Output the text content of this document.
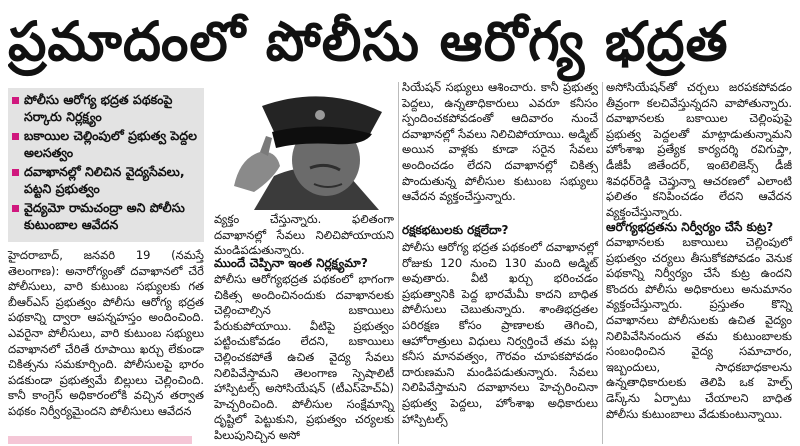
ప్రమాదంలో పోలీసు ఆరోగ్య భద్రత
పోలీసు ఆరోగ్య భద్రత పథకంపై సర్కారు నిర్లక్ష్యం
బకాయిల చెల్లింపులో ప్రభుత్వ పెద్దల అలసత్వం
దవాఖానల్లో నిలిచిన వైద్యసేవలు, పట్టని ప్రభుత్వం
వైద్యమో రామచంద్రా అని పోలీసు కుటుంబాల ఆవేదన

హైదరాబాద్, జనవరి 19 (నమస్తే తెలంగాణ): అనారోగ్యంతో దవాఖానలో చేరే పోలీసులు, వారి కుటుంబ సభ్యులకు గత బీఆర్ఎస్ ప్రభుత్వం పోలీసు ఆరోగ్య భద్రత పథకాన్ని ద్వారా ఆపన్నహస్తం అందించింది. ఎవరైనా పోలీసులు, వారి కుటుంబ సభ్యులు దవాఖానలో చేరితే రూపాయి ఖర్చు లేకుండా చికిత్సను సమకూర్చింది. పోలీసులపై భారం పడకుండా ప్రభుత్వమే బిల్లులు చెల్లించింది. కానీ కాంగ్రెస్ అధికారంలోకి వచ్చిన తర్వాత పథకం నిర్వీర్యమైందని పోలీసులు ఆవేదన

వ్యక్తం చేస్తున్నారు. ఫలితంగా దవాఖానల్లో సేవలు నిలిచిపోయాయని మండిపడుతున్నారు.

ముందే చెప్పినా ఇంత నిర్లక్ష్యమా?

పోలీసు ఆరోగ్యభద్రత పథకంలో భాగంగా చికిత్స అందించినందుకు దవాఖానలకు చెల్లించాల్సిన బకాయిలు పేరుకుపోయాయి. వీటిపై ప్రభుత్వం పట్టించుకోవడం లేదని, బకాయిలు చెల్లించకపోతే ఉచిత వైద్య సేవలు నిలిపివేస్తామని తెలంగాణ స్పెషాలిటీ హాస్పిటల్స్ అసోసియేషన్ (టీఎస్‌హెచ్ఏ) హెచ్చరించింది. పోలీసుల సంక్షేమాన్ని దృష్టిలో పెట్టుకుని, ప్రభుత్వం చర్యలకు పిలుపునిచ్చిన అసో

సియేషన్ సభ్యులు ఆశించారు. కానీ ప్రభుత్వ పెద్దలు, ఉన్నతాధికారులు ఎవరూ కనీసం స్పందించకపోవడంతో ఆదివారం నుంచే దవాఖానల్లో సేవలు నిలిచిపోయాయి. అడ్మిట్ అయిన వాళ్లకు కూడా సరైన సేవలు అందించడం లేదని దవాఖానల్లో చికిత్స పొందుతున్న పోలీసుల కుటుంబ సభ్యులు ఆవేదన వ్యక్తంచేస్తున్నారు.

రక్షకభటులకు రక్షలేదా?

పోలీసు ఆరోగ్య భద్రత పథకంలో దవాఖానల్లో రోజుకు 120 నుంచి 130 మంది అడ్మిట్ అవుతారు. వీటి ఖర్చు భరించడం ప్రభుత్వానికి పెద్ద భారమేమీ కాదని బాధిత పోలీసులు చెబుతున్నారు. శాంతిభద్రతల పరిరక్షణ కోసం ప్రాణాలకు తెగించి, ఆహోరాత్రులు విధులు నిర్వర్తించే తమ పట్ల కనీస మానవత్వం, గౌరవం చూపకపోవడం దారుణమని మండిపడుతున్నారు. సేవలు నిలిపివేస్తామని దవాఖానలు హెచ్చరించినా ప్రభుత్వ పెద్దలు, హోంశాఖ అధికారులు హాస్పిటల్స్

అసోసియేషన్‌తో చర్చలు జరపకపోవడం తీవ్రంగా కలచివేస్తున్నదని వాపోతున్నారు. దవాఖానలకు బకాయిల చెల్లింపుపై ప్రభుత్వ పెద్దలతో మాట్లాడుతున్నామని హోంశాఖ ప్రత్యేక కార్యదర్శి రవిగుప్తా, డీజీపీ జితేందర్, ఇంటెలిజెన్స్ డీజీ శివధర్‌రెడ్డి చెప్తున్నా ఆచరణలో ఎలాంటి ఫలితం కనిపించడం లేదని ఆవేదన వ్యక్తంచేస్తున్నారు.

ఆరోగ్యభద్రతను నిర్వీర్యం చేసే కుట్ర?

దవాఖానలకు బకాయిలు చెల్లింపులో ప్రభుత్వం చర్యలు తీసుకోకపోవడం వెనుక పథకాన్ని నిర్వీర్యం చేసే కుట్ర ఉందని కొందరు పోలీసు అధికారులు అనుమానం వ్యక్తంచేస్తున్నారు. ప్రస్తుతం కొన్ని దవాఖానలు పోలీసులకు ఉచిత వైద్యం నిలిపివేసినందున తమ కుటుంబాలకు సంబంధించిన వైద్య సమాచారం, ఇబ్బందులు, సాధకబాధకాలను ఉన్నతాధికారులకు తెలిపి ఒక హెల్ప్ డెస్క్‌ను ఏర్పాటు చేయాలని బాధిత పోలీసు కుటుంబాలు వేడుకుంటున్నాయి.
